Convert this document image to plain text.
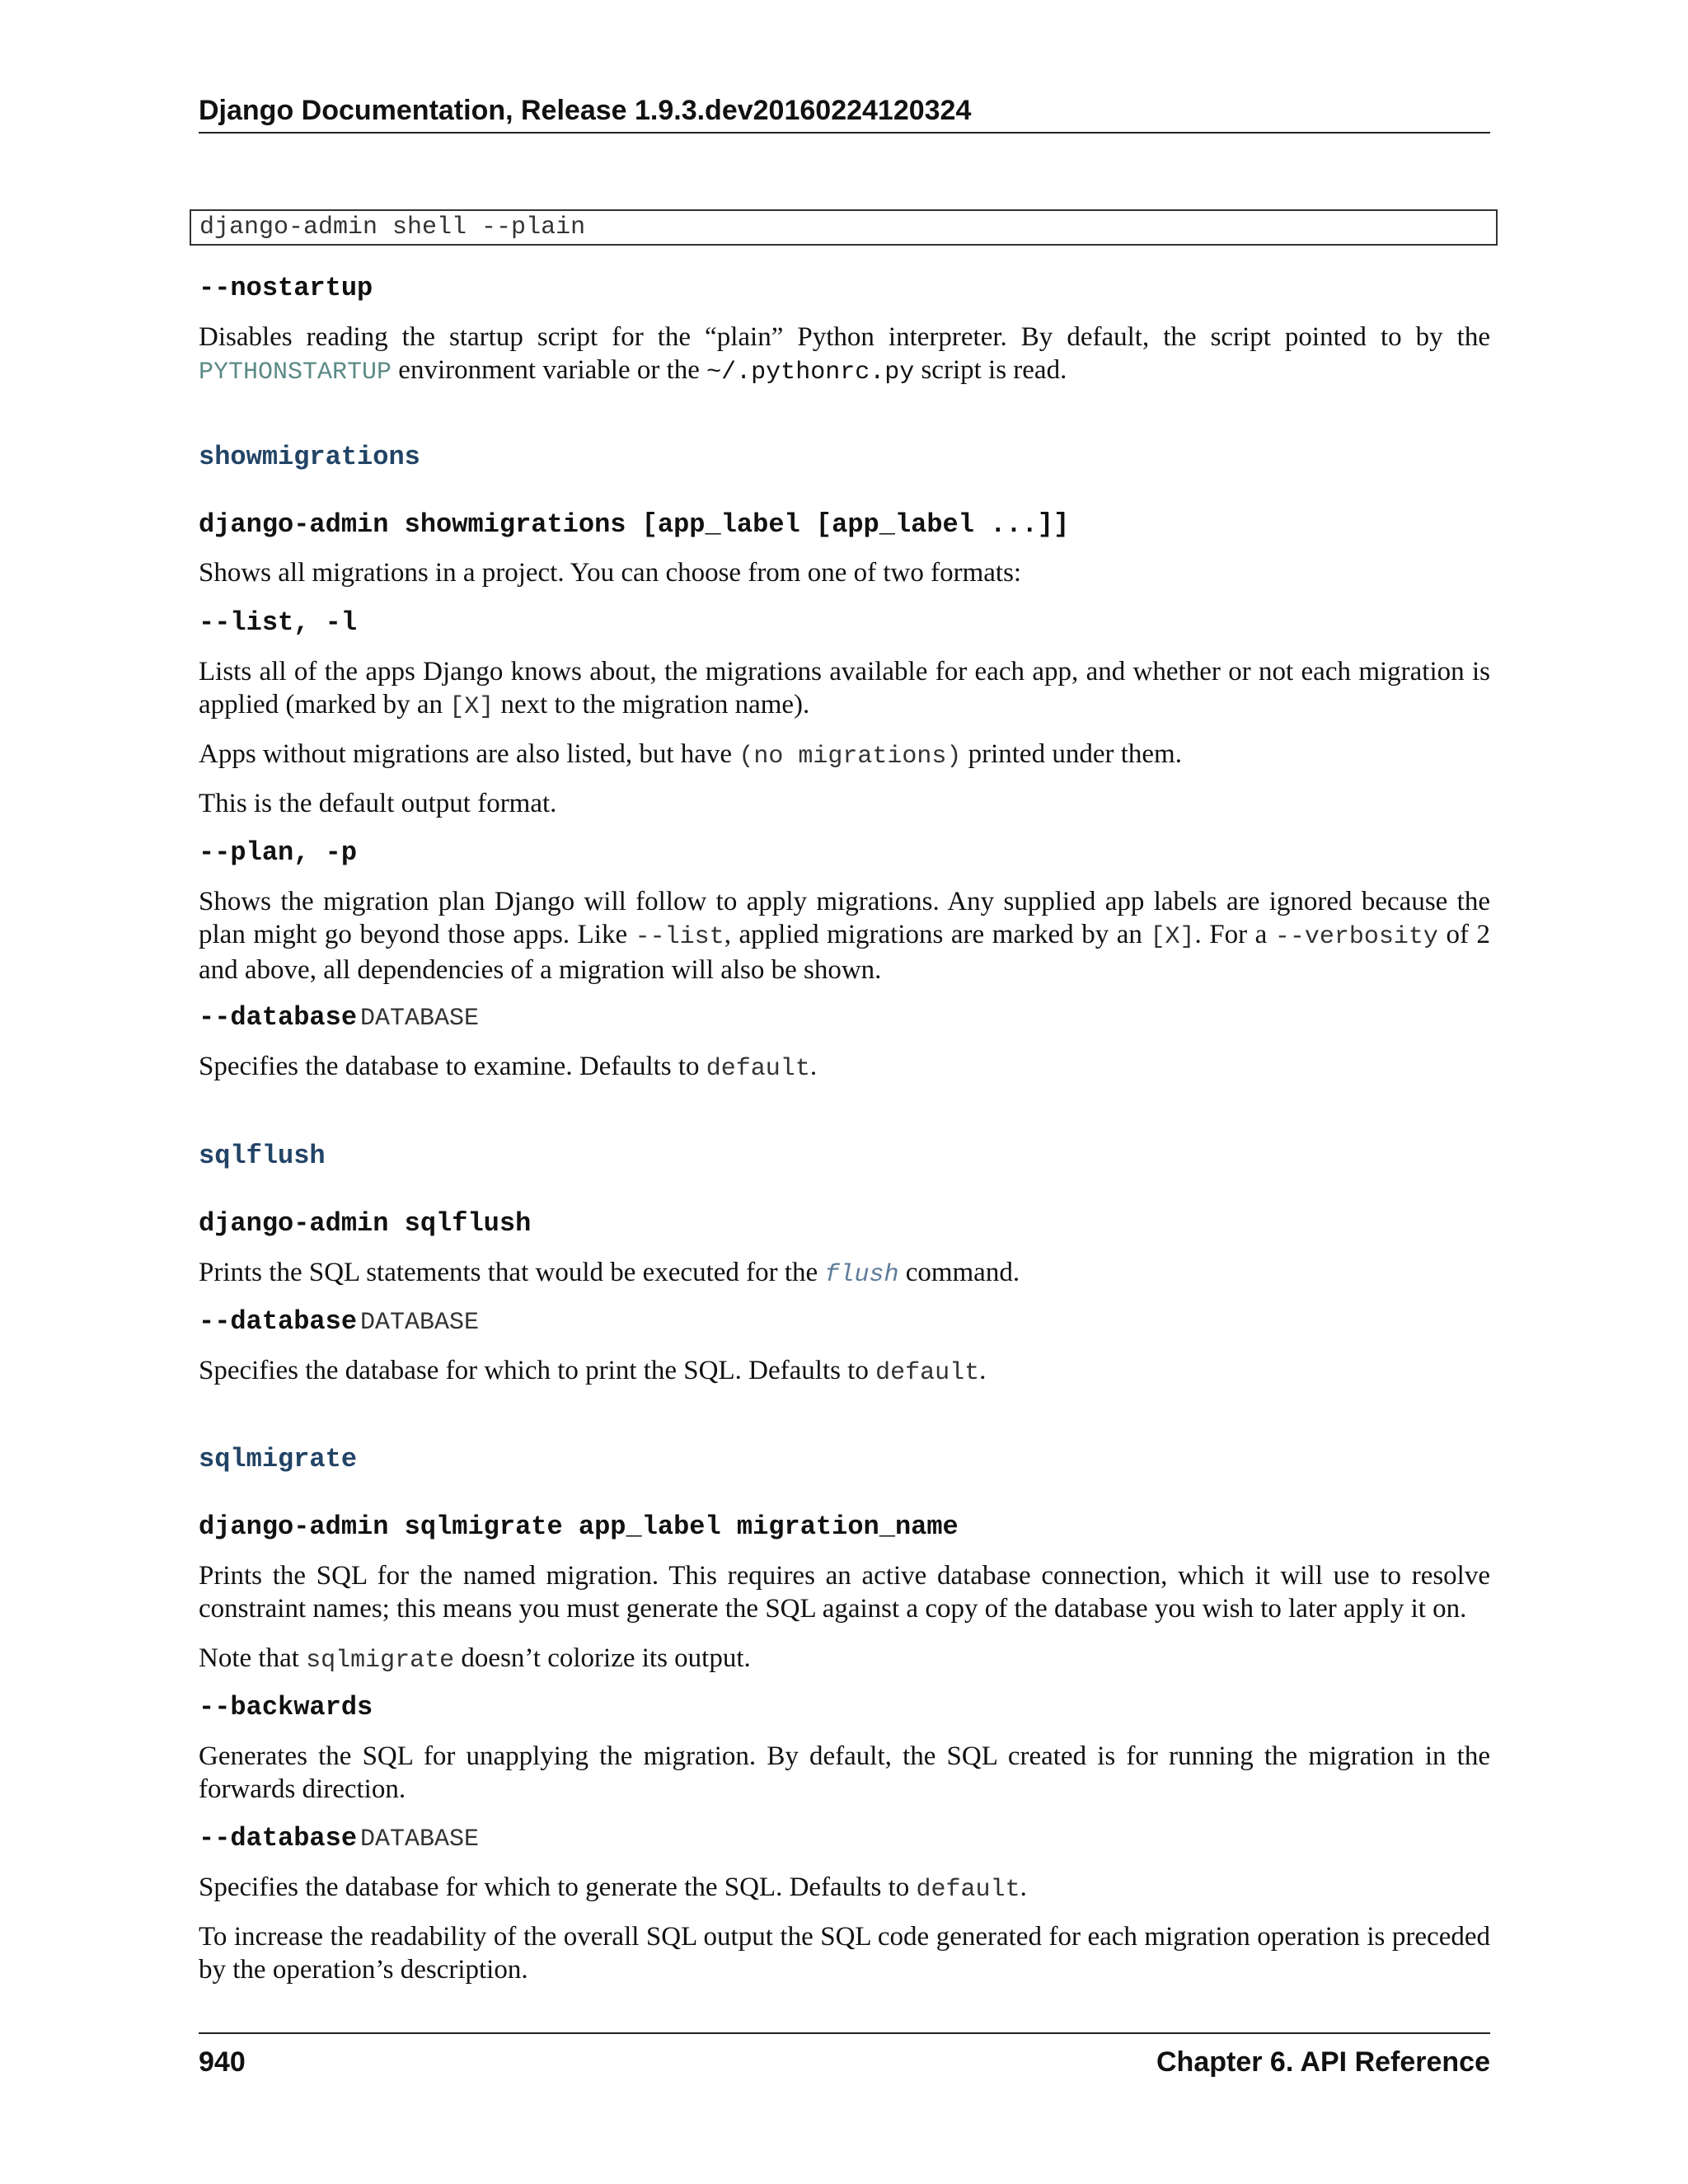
Django Documentation, Release 1.9.3.dev20160224120324
django-admin shell --plain
--nostartup
Disables reading the startup script for the “plain” Python interpreter. By default, the script pointed to by the PYTHONSTARTUP environment variable or the ~/.pythonrc.py script is read.
showmigrations
django-admin showmigrations [app_label [app_label ...]]
Shows all migrations in a project. You can choose from one of two formats:
--list, -l
Lists all of the apps Django knows about, the migrations available for each app, and whether or not each migration is applied (marked by an [X] next to the migration name).
Apps without migrations are also listed, but have (no migrations) printed under them.
This is the default output format.
--plan, -p
Shows the migration plan Django will follow to apply migrations. Any supplied app labels are ignored because the plan might go beyond those apps. Like --list, applied migrations are marked by an [X]. For a --verbosity of 2 and above, all dependencies of a migration will also be shown.
--database DATABASE
Specifies the database to examine. Defaults to default.
sqlflush
django-admin sqlflush
Prints the SQL statements that would be executed for the flush command.
--database DATABASE
Specifies the database for which to print the SQL. Defaults to default.
sqlmigrate
django-admin sqlmigrate app_label migration_name
Prints the SQL for the named migration. This requires an active database connection, which it will use to resolve constraint names; this means you must generate the SQL against a copy of the database you wish to later apply it on.
Note that sqlmigrate doesn’t colorize its output.
--backwards
Generates the SQL for unapplying the migration. By default, the SQL created is for running the migration in the forwards direction.
--database DATABASE
Specifies the database for which to generate the SQL. Defaults to default.
To increase the readability of the overall SQL output the SQL code generated for each migration operation is preceded by the operation’s description.
940	Chapter 6. API Reference
